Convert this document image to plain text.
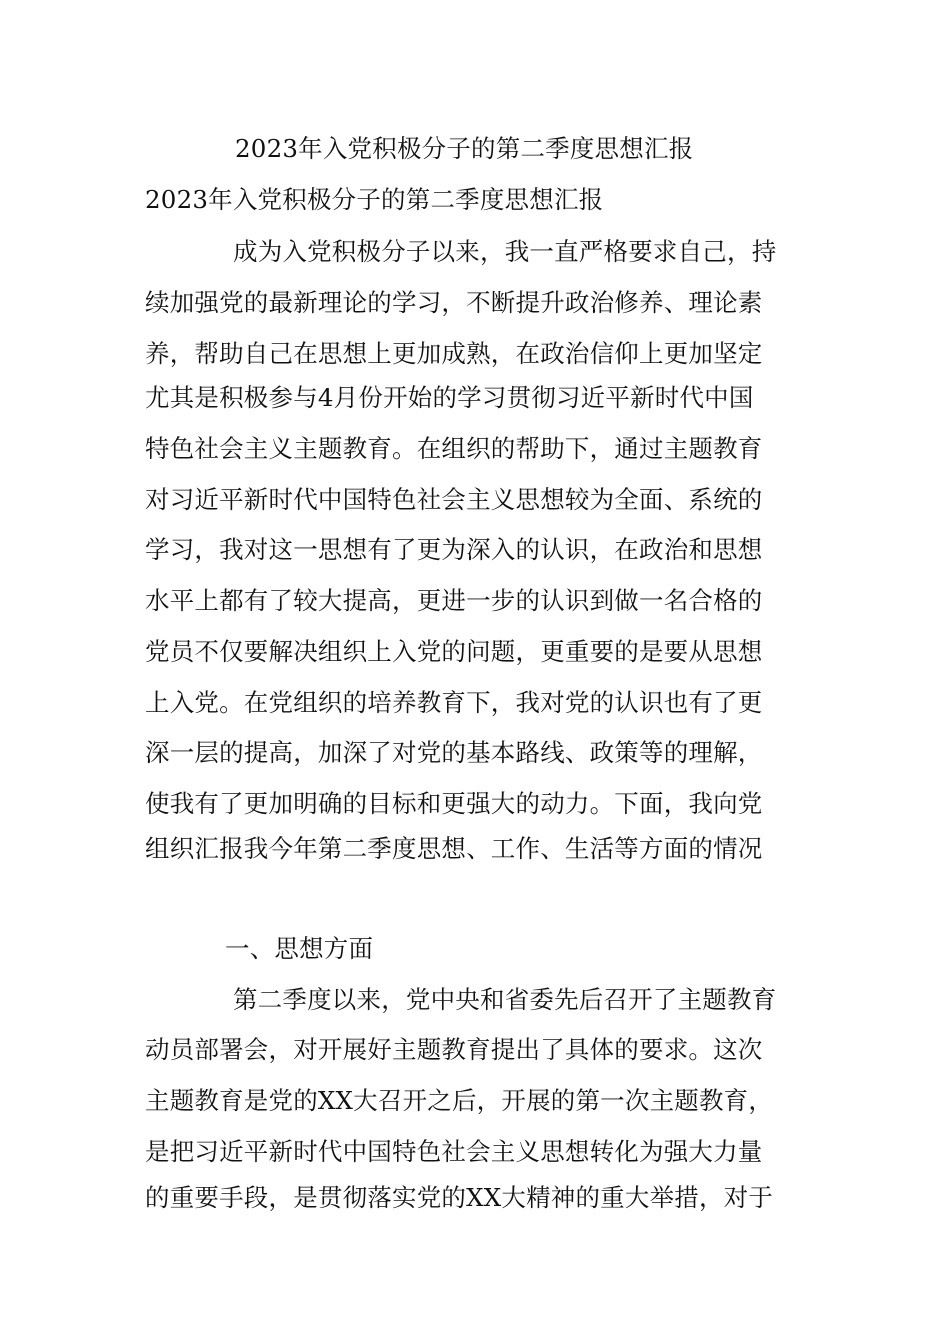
2023年入党积极分子的第二季度思想汇报
2023年入党积极分子的第二季度思想汇报
成为入党积极分子以来，我一直严格要求自己，持
续加强党的最新理论的学习，不断提升政治修养、理论素
养，帮助自己在思想上更加成熟，在政治信仰上更加坚定
尤其是积极参与4月份开始的学习贯彻习近平新时代中国
特色社会主义主题教育。在组织的帮助下，通过主题教育
对习近平新时代中国特色社会主义思想较为全面、系统的
学习，我对这一思想有了更为深入的认识，在政治和思想
水平上都有了较大提高，更进一步的认识到做一名合格的
党员不仅要解决组织上入党的问题，更重要的是要从思想
上入党。在党组织的培养教育下，我对党的认识也有了更
深一层的提高，加深了对党的基本路线、政策等的理解，
使我有了更加明确的目标和更强大的动力。下面，我向党
组织汇报我今年第二季度思想、工作、生活等方面的情况
一、思想方面
第二季度以来，党中央和省委先后召开了主题教育
动员部署会，对开展好主题教育提出了具体的要求。这次
主题教育是党的XX大召开之后，开展的第一次主题教育，
是把习近平新时代中国特色社会主义思想转化为强大力量
的重要手段，是贯彻落实党的XX大精神的重大举措，对于
